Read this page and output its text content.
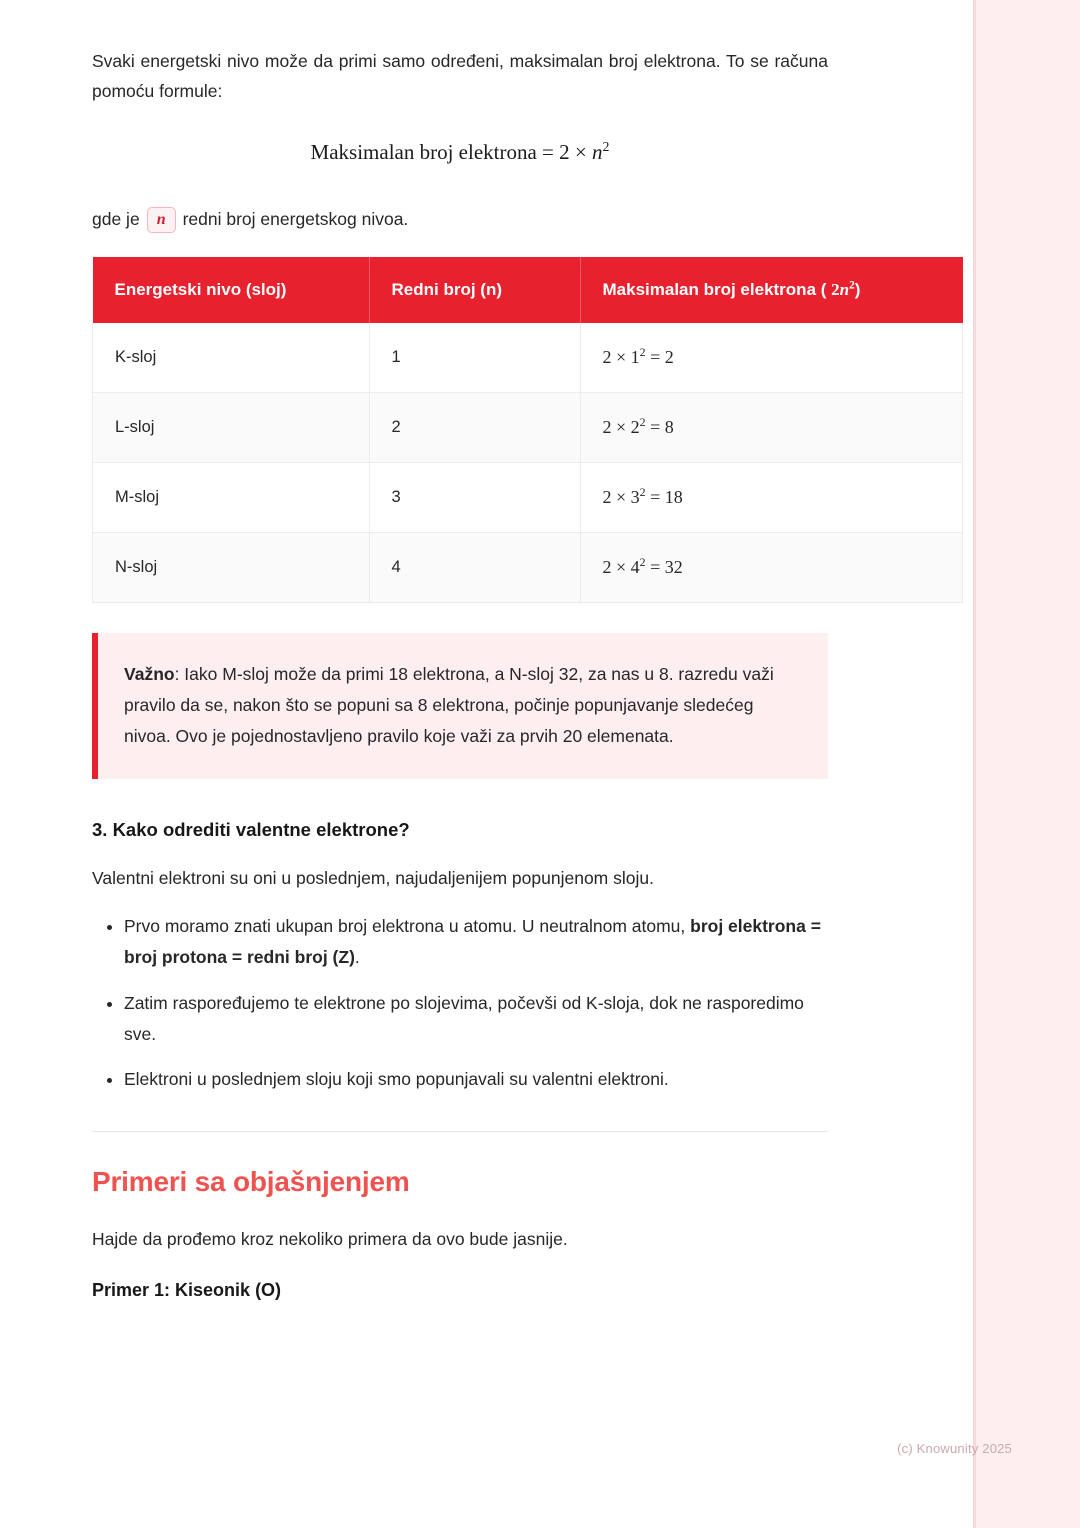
Svaki energetski nivo može da primi samo određeni, maksimalan broj elektrona. To se računa pomoću formule:

Maksimalan broj elektrona = $2 \times n^2$
gde je	n redni broj energetskog nivoa.
Energetski nivo (sloj)	Redni broj (n)	Maksimalan broj elektrona ( $2n^2$)
K-sloj	1	$2 \times 1^2 = 2$
L-sloj	2	$2 \times 2^2 = 8$
M-sloj	3	$2 \times 3^2 = 18$
N-sloj	4	$2 \times 4^2 = 32$
Važno: Iako M-sloj može da primi 18 elektrona, a N-sloj 32, za nas u 8. razredu važi pravilo da se, nakon što se popuni sa 8 elektrona, počinje popunjavanje sledećeg nivoa. Ovo je pojednostavljeno pravilo koje važi za prvih 20 elemenata.
3. Kako odrediti valentne elektrone?

Valentni elektroni su oni u poslednjem, najudaljenijem popunjenom sloju.

• Prvo moramo znati ukupan broj elektrona u atomu. U neutralnom atomu, broj elektrona = broj protona = redni broj (Z).
• Zatim raspoređujemo te elektrone po slojevima, počevši od K-sloja, dok ne rasporedimo sve.
• Elektroni u poslednjem sloju koji smo popunjavali su valentni elektroni.
Primeri sa objašnjenjem

Hajde da prođemo kroz nekoliko primera da ovo bude jasnije.

Primer 1: Kiseonik (O)
(c) Knowunity 2025
